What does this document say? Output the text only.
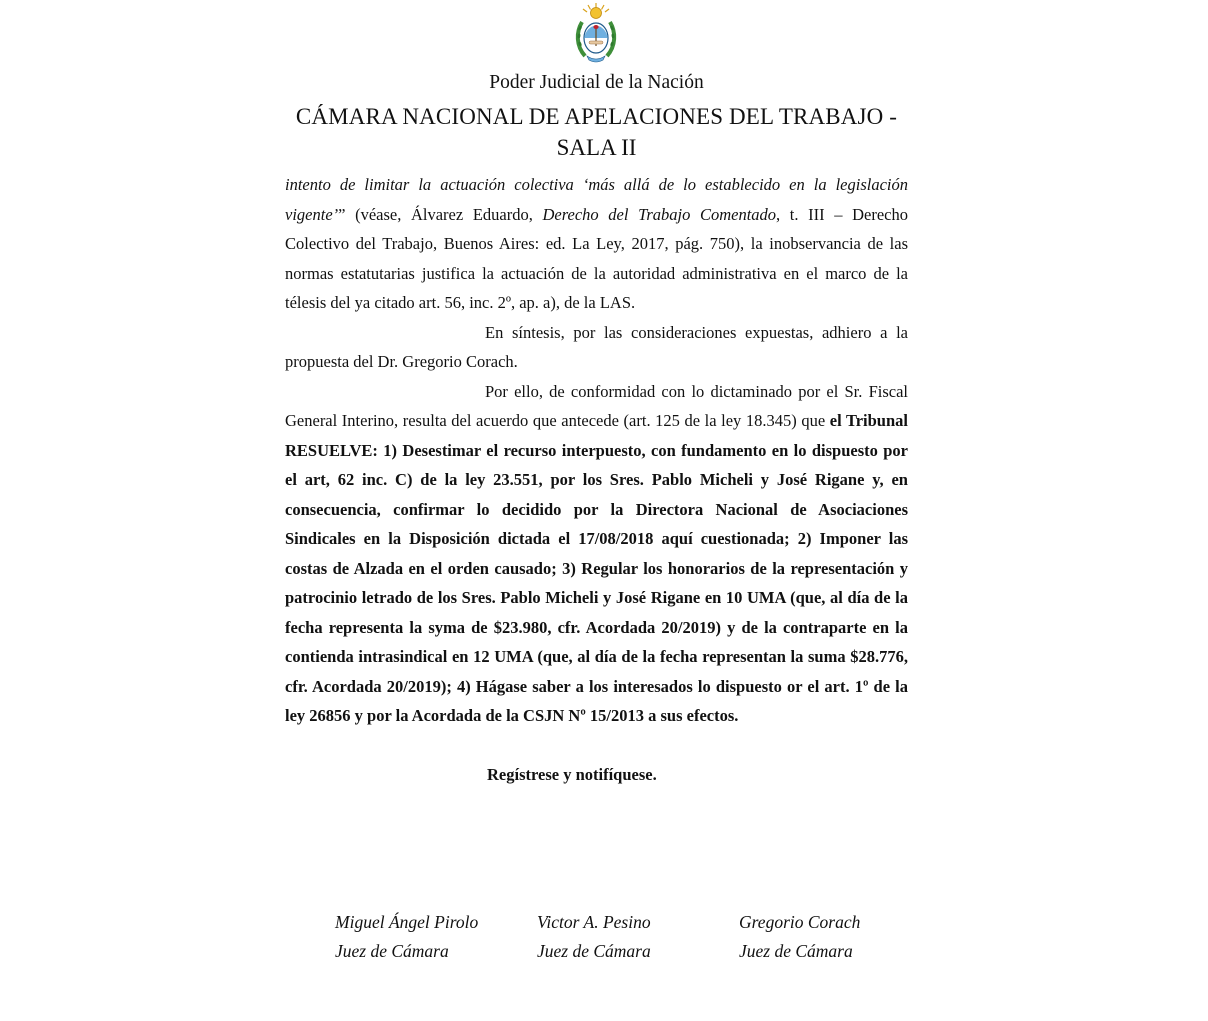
Poder Judicial de la Nación
CÁMARA NACIONAL DE APELACIONES DEL TRABAJO -
SALA II

intento de limitar la actuación colectiva ‘más allá de lo establecido en la legislación vigente’” (véase, Álvarez Eduardo, Derecho del Trabajo Comentado, t. III – Derecho Colectivo del Trabajo, Buenos Aires: ed. La Ley, 2017, pág. 750), la inobservancia de las normas estatutarias justifica la actuación de la autoridad administrativa en el marco de la télesis del ya citado art. 56, inc. 2º, ap. a), de la LAS.

En síntesis, por las consideraciones expuestas, adhiero a la propuesta del Dr. Gregorio Corach.

Por ello, de conformidad con lo dictaminado por el Sr. Fiscal General Interino, resulta del acuerdo que antecede (art. 125 de la ley 18.345) que el Tribunal RESUELVE: 1) Desestimar el recurso interpuesto, con fundamento en lo dispuesto por el art, 62 inc. C) de la ley 23.551, por los Sres. Pablo Micheli y José Rigane y, en consecuencia, confirmar lo decidido por la Directora Nacional de Asociaciones Sindicales en la Disposición dictada el 17/08/2018 aquí cuestionada; 2) Imponer las costas de Alzada en el orden causado; 3) Regular los honorarios de la representación y patrocinio letrado de los Sres. Pablo Micheli y José Rigane en 10 UMA (que, al día de la fecha representa la syma de $23.980, cfr. Acordada 20/2019) y de la contraparte en la contienda intrasindical en 12 UMA (que, al día de la fecha representan la suma $28.776, cfr. Acordada 20/2019); 4) Hágase saber a los interesados lo dispuesto or el art. 1º de la ley 26856 y por la Acordada de la CSJN Nº 15/2013 a sus efectos.

Regístrese y notifíquese.
Miguel Ángel Pirolo
Juez de Cámara
Victor A. Pesino
Juez de Cámara
Gregorio Corach
Juez de Cámara
